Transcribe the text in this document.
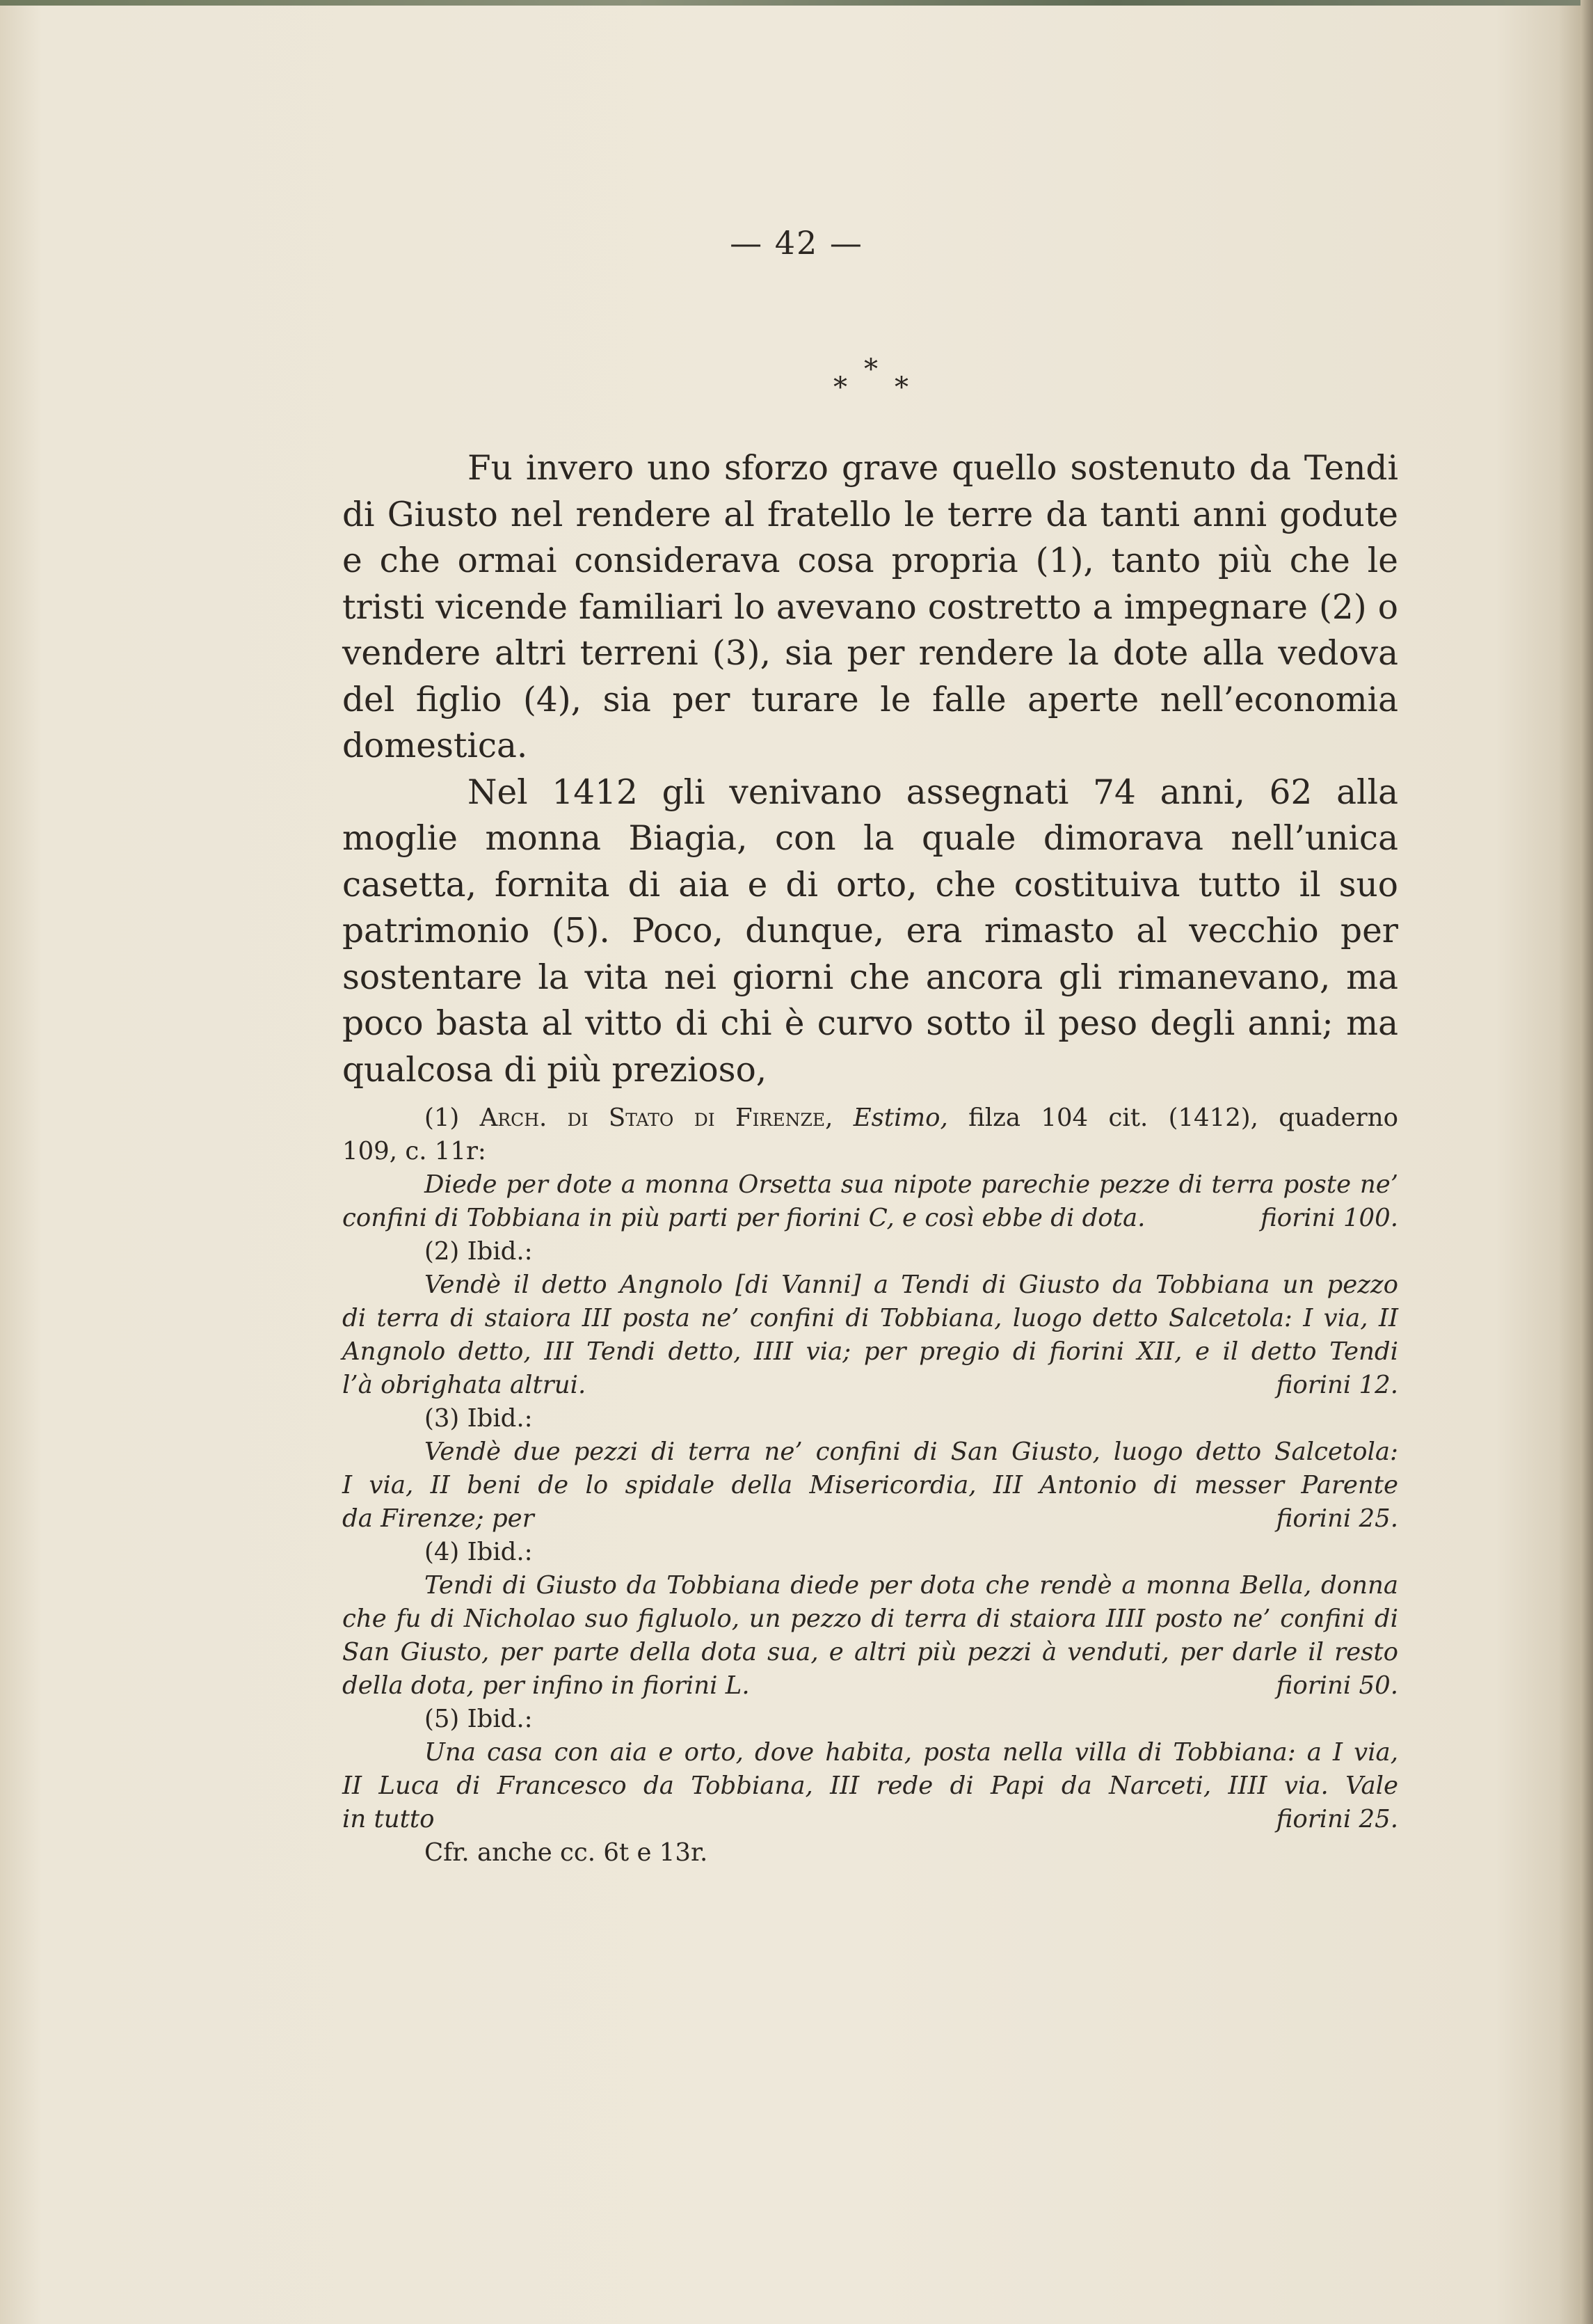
— 42 —
*
* *

Fu invero uno sforzo grave quello sostenuto da Tendi di Giusto nel rendere al fratello le terre da tanti anni godute e che ormai considerava cosa propria (1), tanto più che le tristi vicende familiari lo avevano costretto a impegnare (2) o vendere altri terreni (3), sia per rendere la dote alla vedova del figlio (4), sia per turare le falle aperte nell’economia domestica.

Nel 1412 gli venivano assegnati 74 anni, 62 alla moglie monna Biagia, con la quale dimorava nell’unica casetta, fornita di aia e di orto, che costituiva tutto il suo patrimonio (5). Poco, dunque, era rimasto al vecchio per sostentare la vita nei giorni che ancora gli rimanevano, ma poco basta al vitto di chi è curvo sotto il peso degli anni; ma qualcosa di più prezioso,

(1) Arch. di Stato di Firenze, Estimo, filza 104 cit. (1412), quaderno
109, c. 11r:
Diede per dote a monna Orsetta sua nipote parechie pezze di terra poste ne’
confini di Tobbiana in più parti per fiorini C, e così ebbe di dota.	fiorini 100.
(2) Ibid.:
Vendè il detto Angnolo [di Vanni] a Tendi di Giusto da Tobbiana un pezzo
di terra di staiora III posta ne’ confini di Tobbiana, luogo detto Salcetola: I via, II
Angnolo detto, III Tendi detto, IIII via; per pregio di fiorini XII, e il detto Tendi
l’à obrighata altrui.	fiorini 12.
(3) Ibid.:
Vendè due pezzi di terra ne’ confini di San Giusto, luogo detto Salcetola:
I via, II beni de lo spidale della Misericordia, III Antonio di messer Parente
da Firenze; per	fiorini 25.
(4) Ibid.:
Tendi di Giusto da Tobbiana diede per dota che rendè a monna Bella, donna
che fu di Nicholao suo figluolo, un pezzo di terra di staiora IIII posto ne’ confini di
San Giusto, per parte della dota sua, e altri più pezzi à venduti, per darle il resto
della dota, per infino in fiorini L.	fiorini 50.
(5) Ibid.:
Una casa con aia e orto, dove habita, posta nella villa di Tobbiana: a I via,
II Luca di Francesco da Tobbiana, III rede di Papi da Narceti, IIII via. Vale
in tutto	fiorini 25.
Cfr. anche cc. 6t e 13r.
